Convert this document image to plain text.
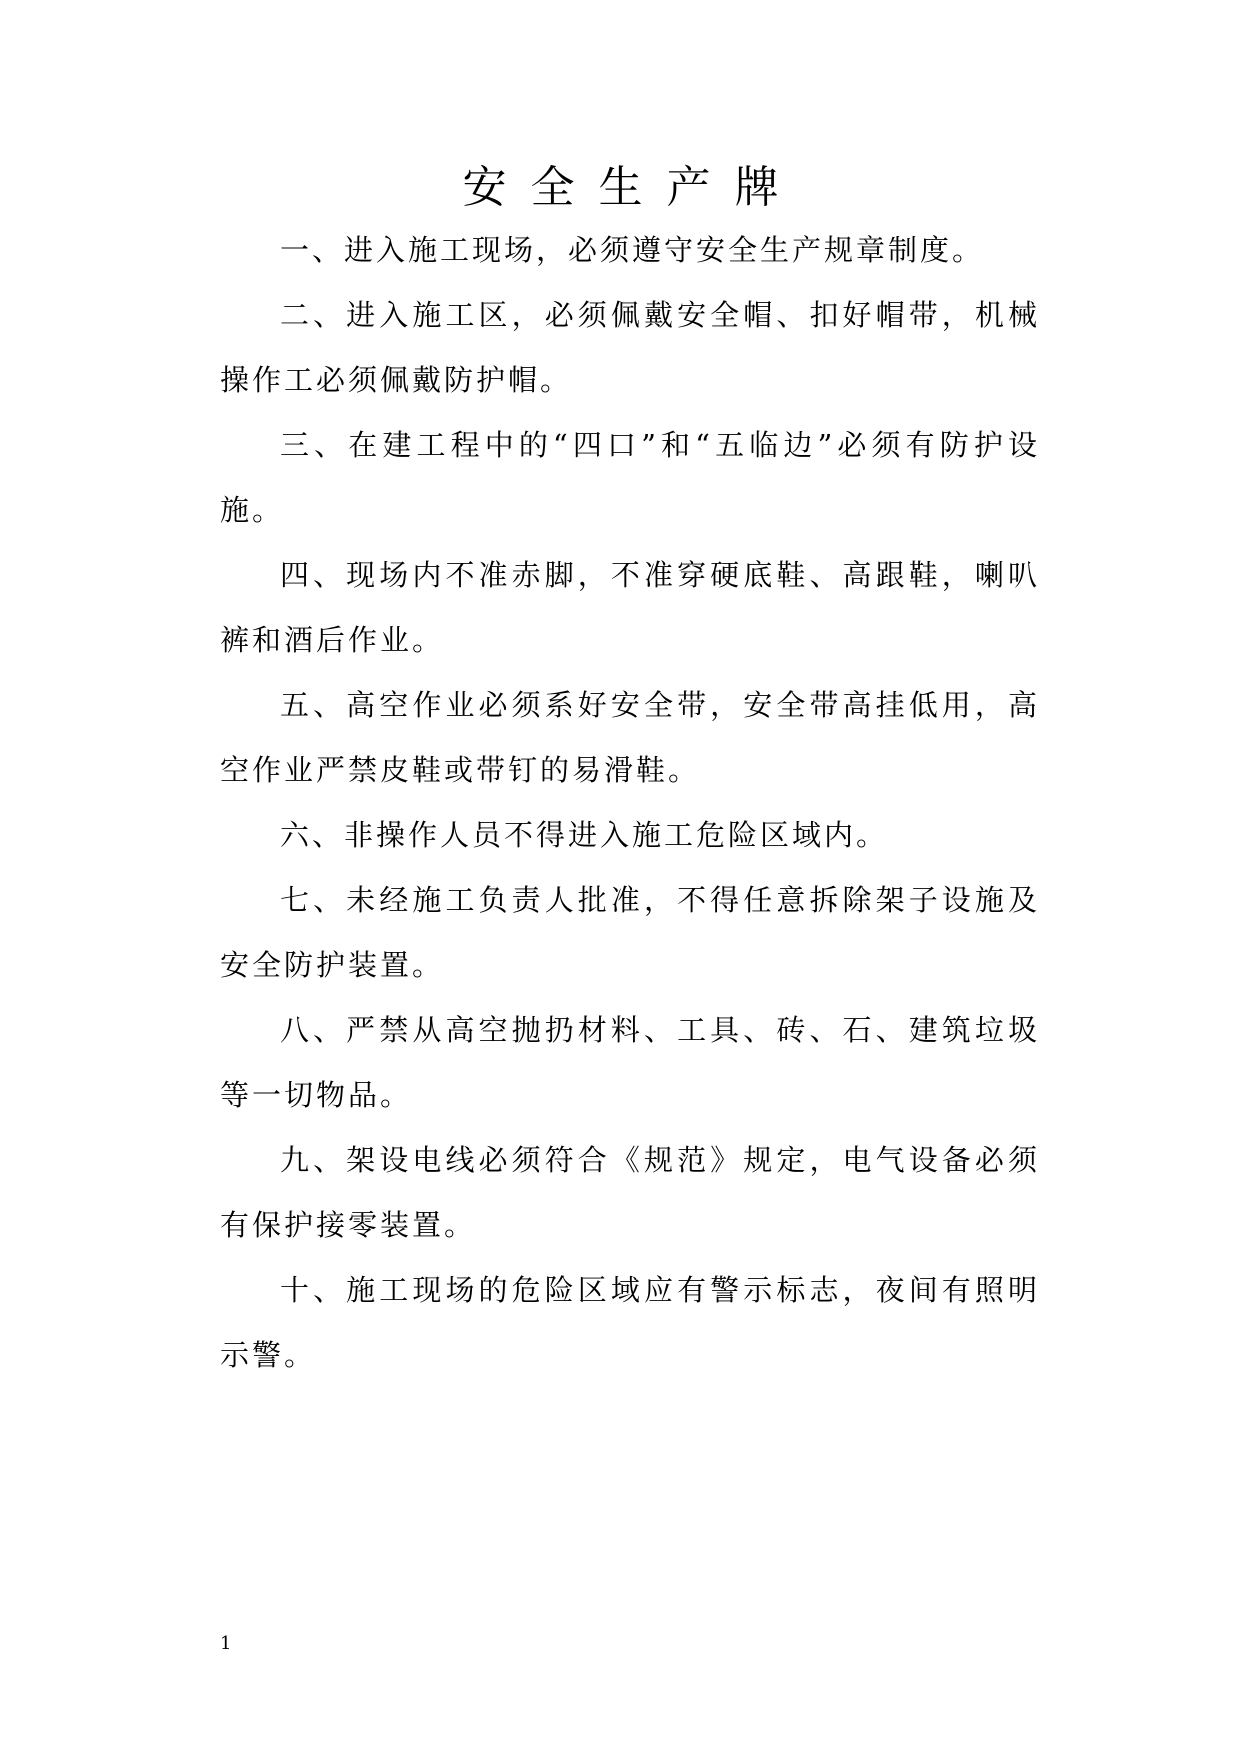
安全生产牌

一、进入施工现场，必须遵守安全生产规章制度。

二、进入施工区，必须佩戴安全帽、扣好帽带，机械操作工必须佩戴防护帽。

三、在建工程中的“四口”和“五临边”必须有防护设施。

四、现场内不准赤脚，不准穿硬底鞋、高跟鞋，喇叭裤和酒后作业。

五、高空作业必须系好安全带，安全带高挂低用，高空作业严禁皮鞋或带钉的易滑鞋。

六、非操作人员不得进入施工危险区域内。

七、未经施工负责人批准，不得任意拆除架子设施及安全防护装置。

八、严禁从高空抛扔材料、工具、砖、石、建筑垃圾等一切物品。

九、架设电线必须符合《规范》规定，电气设备必须有保护接零装置。

十、施工现场的危险区域应有警示标志，夜间有照明示警。

1
